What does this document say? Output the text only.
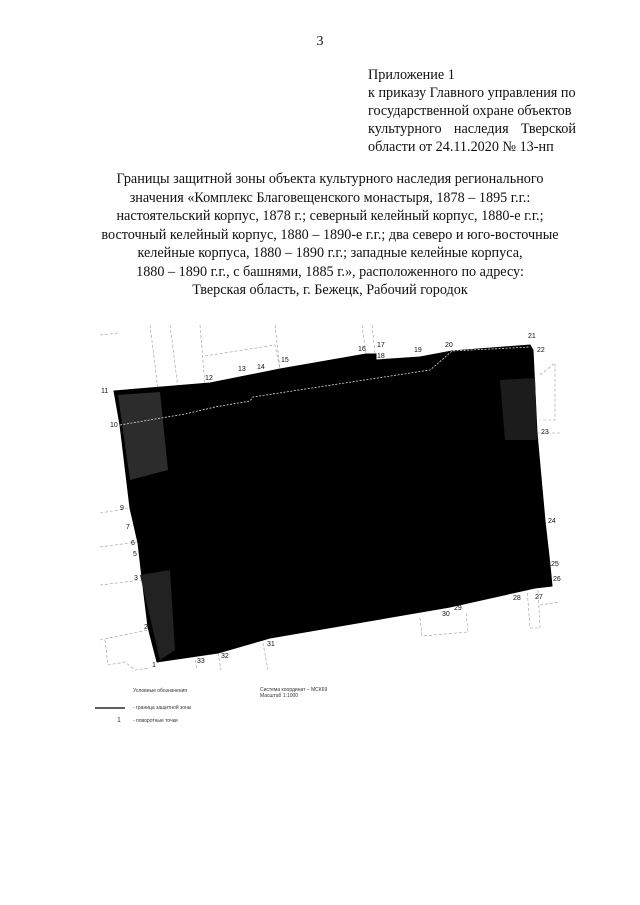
3
Приложение 1
к приказу Главного управления по
государственной охране объектов
культурного наследия Тверской
области от 24.11.2020 № 13-нп
Границы защитной зоны объекта культурного наследия регионального
значения «Комплекс Благовещенского монастыря, 1878 – 1895 г.г.:
настоятельский корпус, 1878 г.; северный келейный корпус, 1880-е г.г.;
восточный келейный корпус, 1880 – 1890-е г.г.; два северо и юго-восточные
келейные корпуса, 1880 – 1890 г.г.; западные келейные корпуса,
1880 – 1890 г.г., с башнями, 1885 г.», расположенного по адресу:
Тверская область, г. Бежецк, Рабочий городок
1
2
3
5
6
7
9
10
11
12
13 14
15
16
17
18
19
20
21
22
23
24
25
26
27
28
29
30
31
32
33
Условные обозначения
- граница защитной зоны
1 - поворотные точки
Система координат – МСК69
Масштаб 1:1000
